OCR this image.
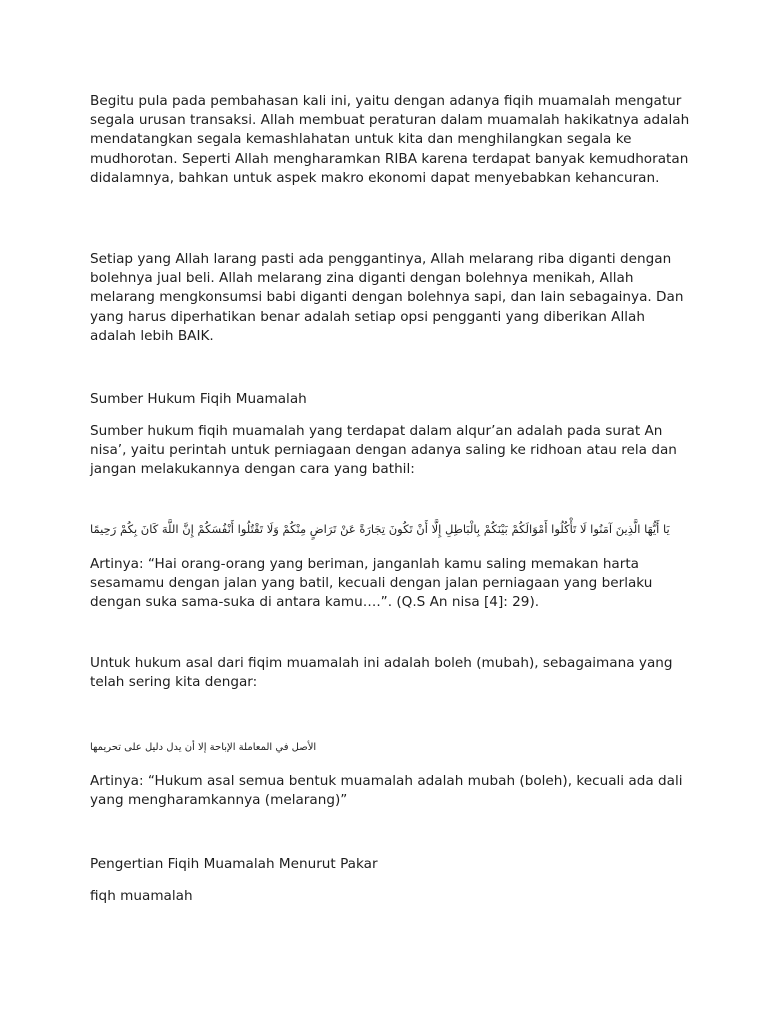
Begitu pula pada pembahasan kali ini, yaitu dengan adanya fiqih muamalah mengatur segala urusan transaksi. Allah membuat peraturan dalam muamalah hakikatnya adalah mendatangkan segala kemashlahatan untuk kita dan menghilangkan segala ke mudhorotan. Seperti Allah mengharamkan RIBA karena terdapat banyak kemudhoratan didalamnya, bahkan untuk aspek makro ekonomi dapat menyebabkan kehancuran.

Setiap yang Allah larang pasti ada penggantinya, Allah melarang riba diganti dengan bolehnya jual beli. Allah melarang zina diganti dengan bolehnya menikah, Allah melarang mengkonsumsi babi diganti dengan bolehnya sapi, dan lain sebagainya. Dan yang harus diperhatikan benar adalah setiap opsi pengganti yang diberikan Allah adalah lebih BAIK.

Sumber Hukum Fiqih Muamalah

Sumber hukum fiqih muamalah yang terdapat dalam alqur’an adalah pada surat An nisa’, yaitu perintah untuk perniagaan dengan adanya saling ke ridhoan atau rela dan jangan melakukannya dengan cara yang bathil:

يَا أَيُّهَا الَّذِينَ آمَنُوا لَا تَأْكُلُوا أَمْوَالَكُمْ بَيْنَكُمْ بِالْبَاطِلِ إِلَّا أَنْ تَكُونَ تِجَارَةً عَنْ تَرَاضٍ مِنْكُمْ وَلَا تَقْتُلُوا أَنْفُسَكُمْ إِنَّ اللَّهَ كَانَ بِكُمْ رَحِيمًا

Artinya: “Hai orang-orang yang beriman, janganlah kamu saling memakan harta sesamamu dengan jalan yang batil, kecuali dengan jalan perniagaan yang berlaku dengan suka sama-suka di antara kamu….”. (Q.S An nisa [4]: 29).

Untuk hukum asal dari fiqim muamalah ini adalah boleh (mubah), sebagaimana yang telah sering kita dengar:

الأصل في المعاملة الإباحة إلا أن يدل دليل على تحريمها

Artinya: “Hukum asal semua bentuk muamalah adalah mubah (boleh), kecuali ada dali yang mengharamkannya (melarang)”

Pengertian Fiqih Muamalah Menurut Pakar

fiqh muamalah
